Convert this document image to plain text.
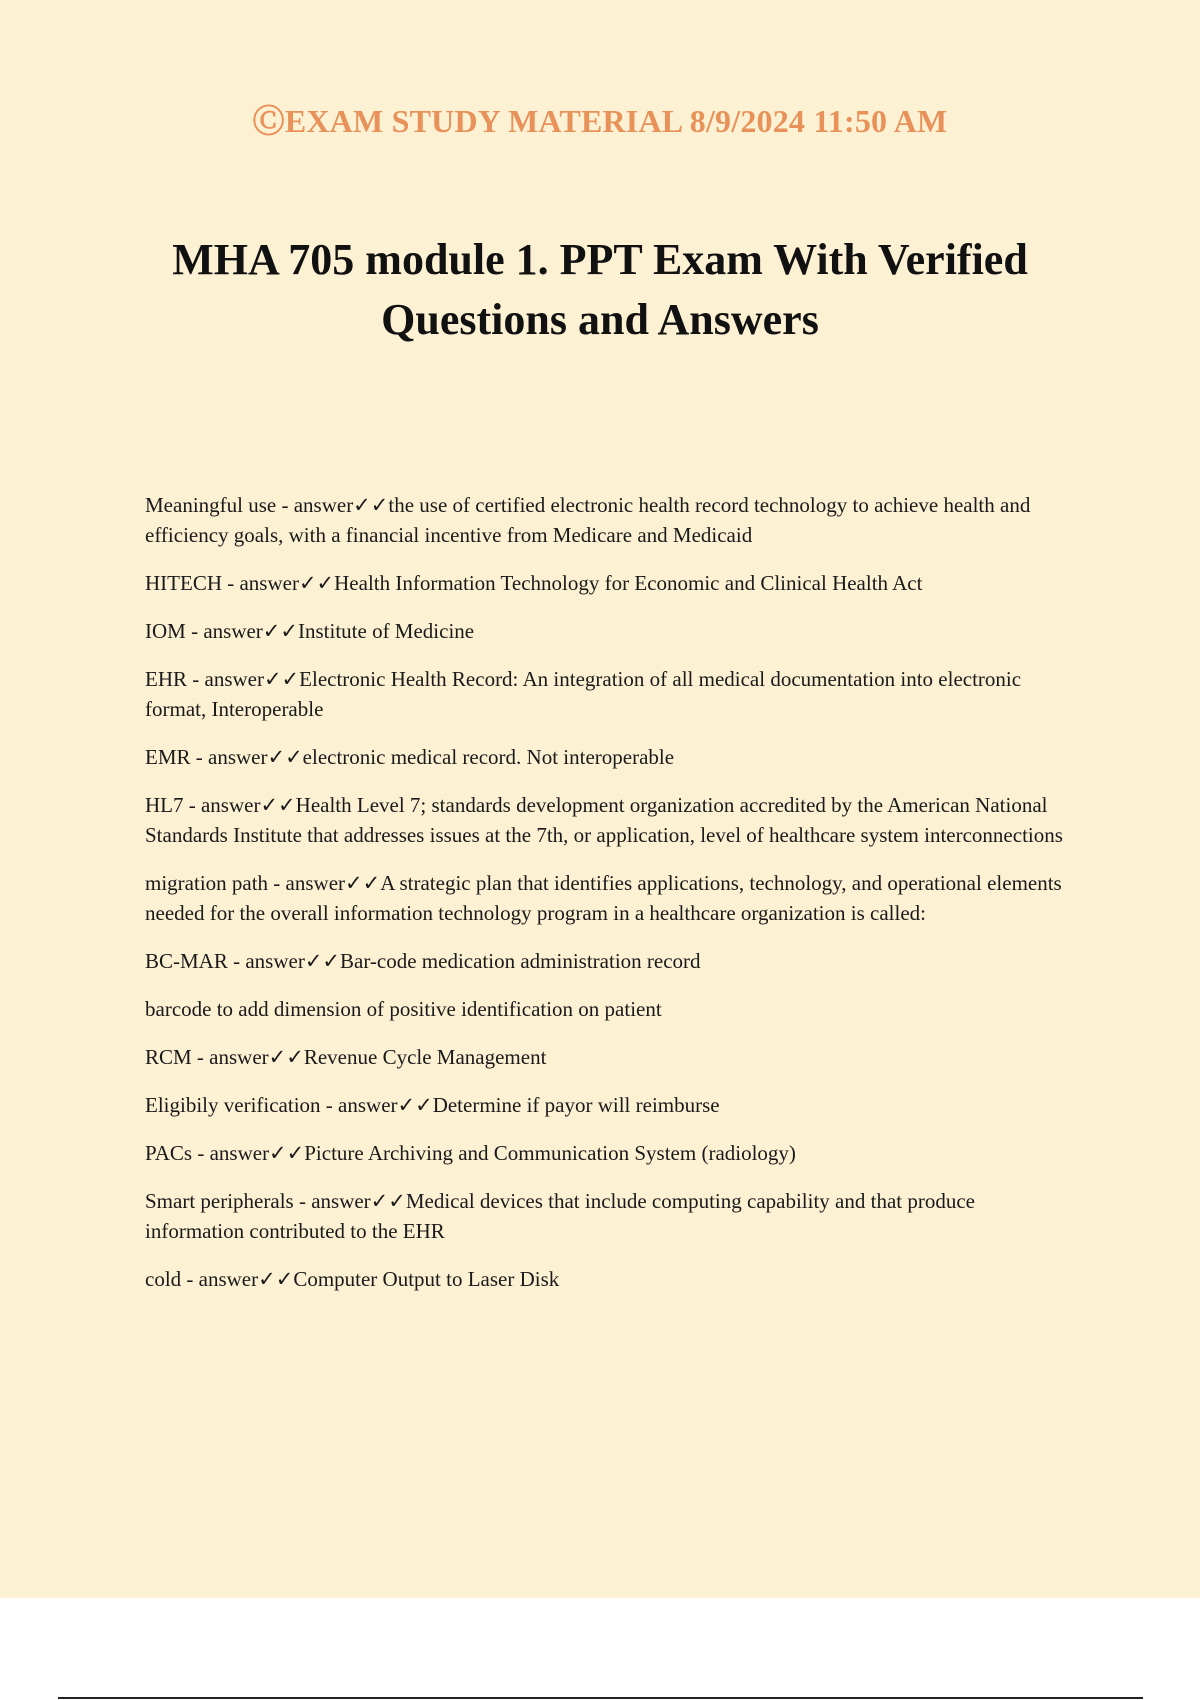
ⒸEXAM STUDY MATERIAL 8/9/2024 11:50 AM
MHA 705 module 1. PPT Exam With Verified Questions and Answers
Meaningful use - answer✓✓the use of certified electronic health record technology to achieve health and efficiency goals, with a financial incentive from Medicare and Medicaid
HITECH - answer✓✓Health Information Technology for Economic and Clinical Health Act
IOM - answer✓✓Institute of Medicine
EHR - answer✓✓Electronic Health Record: An integration of all medical documentation into electronic format, Interoperable
EMR - answer✓✓electronic medical record. Not interoperable
HL7 - answer✓✓Health Level 7; standards development organization accredited by the American National Standards Institute that addresses issues at the 7th, or application, level of healthcare system interconnections
migration path - answer✓✓A strategic plan that identifies applications, technology, and operational elements needed for the overall information technology program in a healthcare organization is called:
BC-MAR - answer✓✓Bar-code medication administration record
barcode to add dimension of positive identification on patient
RCM - answer✓✓Revenue Cycle Management
Eligibily verification - answer✓✓Determine if payor will reimburse
PACs - answer✓✓Picture Archiving and Communication System (radiology)
Smart peripherals - answer✓✓Medical devices that include computing capability and that produce information contributed to the EHR
cold - answer✓✓Computer Output to Laser Disk
